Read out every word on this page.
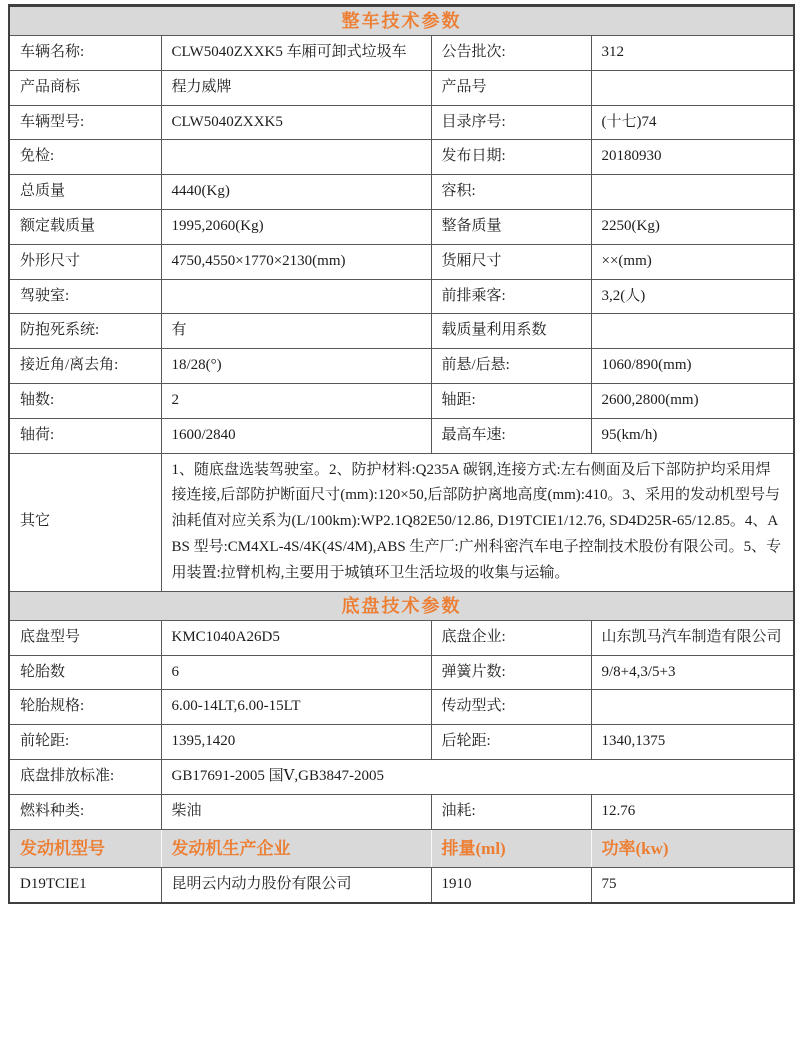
整车技术参数			
车辆名称:	CLW5040ZXXK5 车厢可卸式垃圾车	公告批次:	312
产品商标	程力威牌	产品号	
车辆型号:	CLW5040ZXXK5	目录序号:	(十七)74
免检:		发布日期:	20180930
总质量	4440(Kg)	容积:	
额定载质量	1995,2060(Kg)	整备质量	2250(Kg)
外形尺寸	4750,4550×1770×2130(mm)	货厢尺寸	××(mm)
驾驶室:		前排乘客:	3,2(人)
防抱死系统:	有	载质量利用系数	
接近角/离去角:	18/28(°)	前悬/后悬:	1060/890(mm)
轴数:	2	轴距:	2600,2800(mm)
轴荷:	1600/2840	最高车速:	95(km/h)
其它	1、随底盘选装驾驶室。2、防护材料:Q235A 碳钢,连接方式:左右侧面及后下部防护均采用焊接连接,后部防护断面尺寸(mm):120×50,后部防护离地高度(mm):410。3、采用的发动机型号与油耗值对应关系为(L/100km):WP2.1Q82E50/12.86, D19TCIE1/12.76, SD4D25R-65/12.85。4、ABS 型号:CM4XL-4S/4K(4S/4M),ABS 生产厂:广州科密汽车电子控制技术股份有限公司。5、专用装置:拉臂机构,主要用于城镇环卫生活垃圾的收集与运输。		
底盘技术参数			
底盘型号	KMC1040A26D5	底盘企业:	山东凯马汽车制造有限公司
轮胎数	6	弹簧片数:	9/8+4,3/5+3
轮胎规格:	6.00-14LT,6.00-15LT	传动型式:	
前轮距:	1395,1420	后轮距:	1340,1375
底盘排放标准:	GB17691-2005 国Ⅴ,GB3847-2005		
燃料种类:	柴油	油耗:	12.76
发动机型号	发动机生产企业	排量(ml)	功率(kw)
D19TCIE1	昆明云内动力股份有限公司	1910	75
